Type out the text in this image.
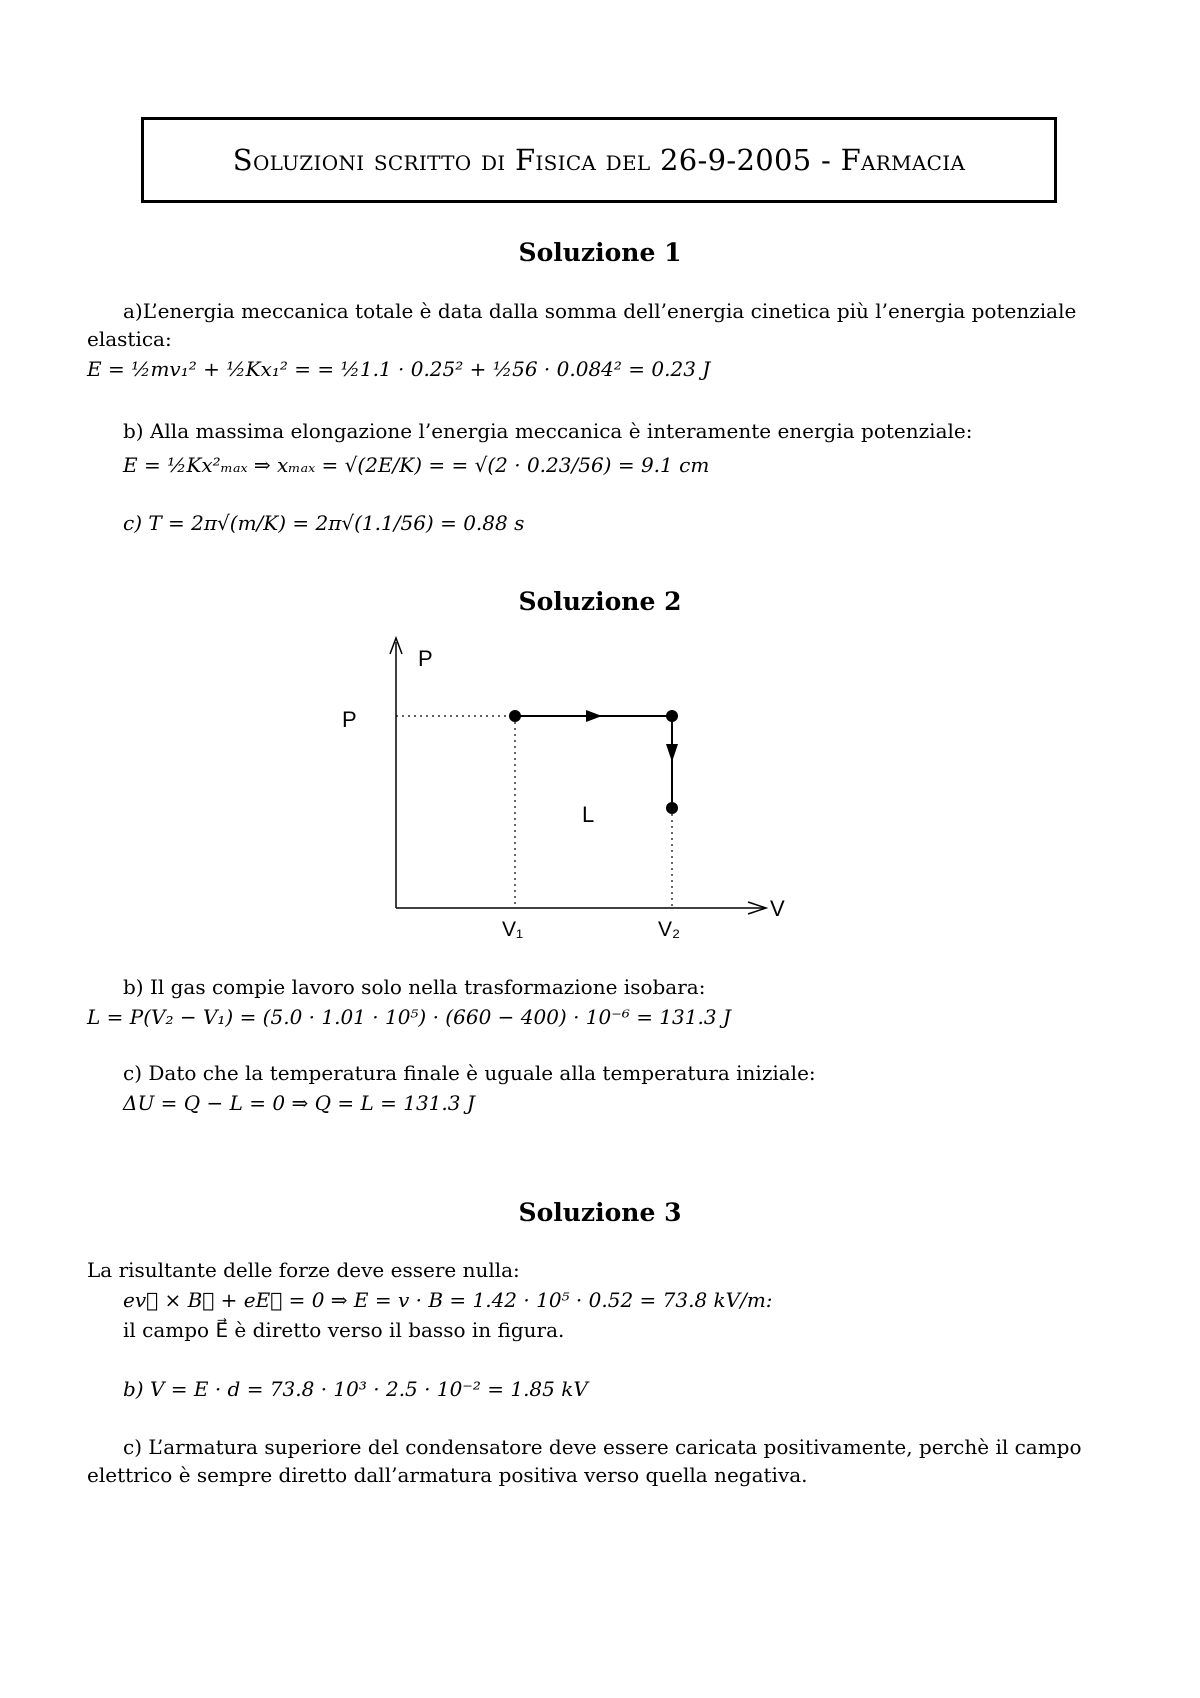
Soluzioni scritto di Fisica del 26-9-2005 - Farmacia
Soluzione 1
a)L’energia meccanica totale è data dalla somma dell’energia cinetica più l’energia potenziale elastica:
E = ½mv₁² + ½Kx₁² = = ½1.1 · 0.25² + ½56 · 0.084² = 0.23 J
b) Alla massima elongazione l’energia meccanica è interamente energia potenziale:
E = ½Kx²ₘₐₓ ⇒ xₘₐₓ = √(2E/K) = = √(2 · 0.23/56) = 9.1 cm
c) T = 2π√(m/K) = 2π√(1.1/56) = 0.88 s
Soluzione 2
P
P
L
V
V₁	V₂
b) Il gas compie lavoro solo nella trasformazione isobara:
L = P(V₂ − V₁) = (5.0 · 1.01 · 10⁵) · (660 − 400) · 10⁻⁶ = 131.3 J
c) Dato che la temperatura finale è uguale alla temperatura iniziale:
ΔU = Q − L = 0 ⇒ Q = L = 131.3 J
Soluzione 3
La risultante delle forze deve essere nulla:
ev⃗ × B⃗ + eE⃗ = 0 ⇒ E = v · B = 1.42 · 10⁵ · 0.52 = 73.8 kV/m:
il campo E⃗ è diretto verso il basso in figura.
b) V = E · d = 73.8 · 10³ · 2.5 · 10⁻² = 1.85 kV
c) L’armatura superiore del condensatore deve essere caricata positivamente, perchè il campo elettrico è sempre diretto dall’armatura positiva verso quella negativa.
